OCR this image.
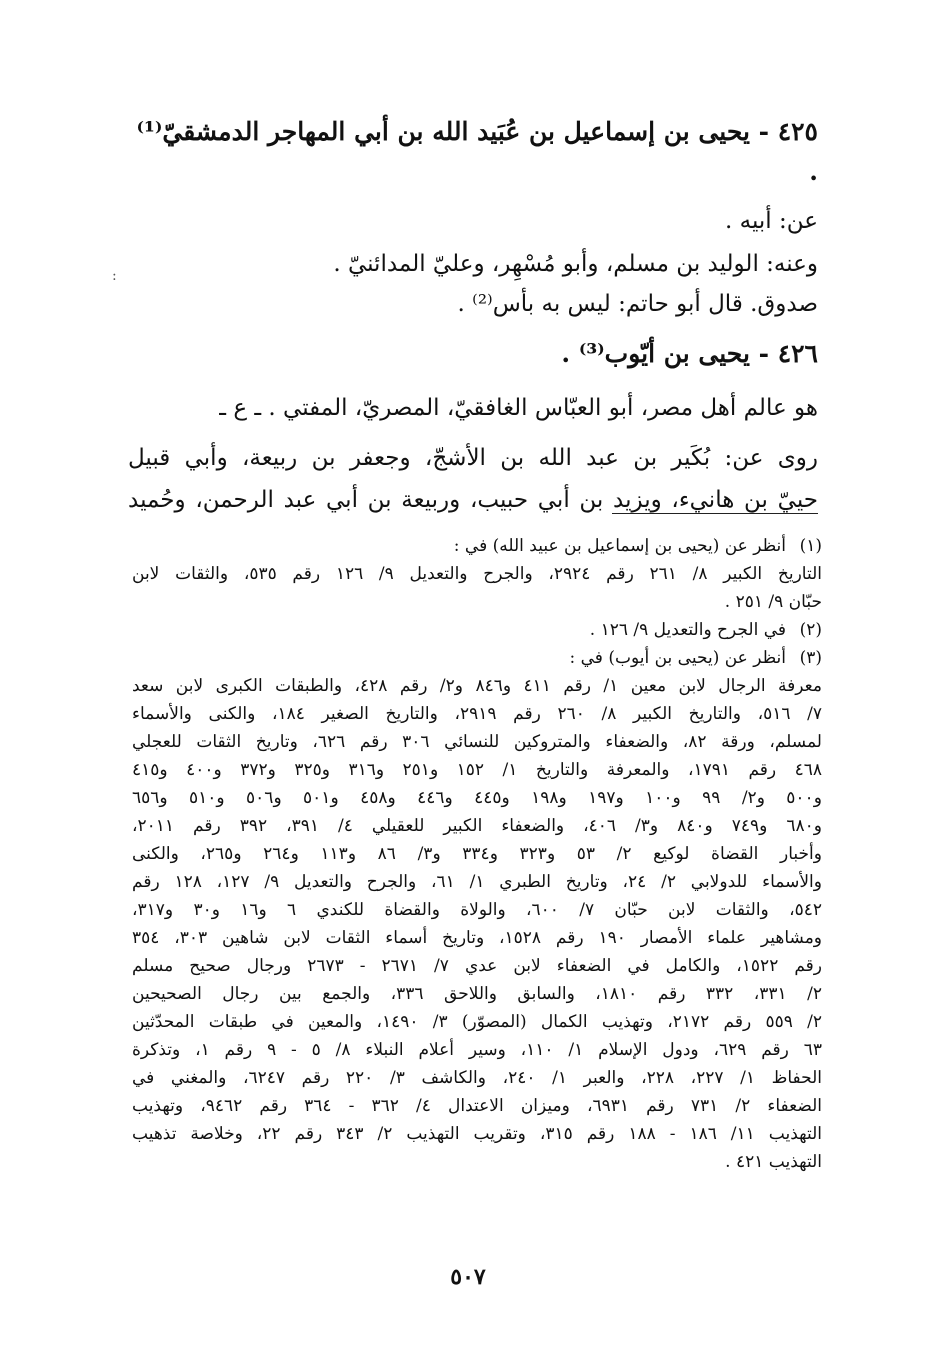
:

٤٢٥ - يحيى بن إسماعيل بن عُبَيد الله بن أبي المهاجر الدمشقيّ⁽¹⁾ .

عن: أبيه .

وعنه: الوليد بن مسلم، وأبو مُسْهِر، وعليّ المدائنيّ .

صدوق. قال أبو حاتم: ليس به بأس⁽²⁾ .

٤٢٦ - يحيى بن أيّوب⁽³⁾ .

هو عالم أهل مصر، أبو العبّاس الغافقيّ، المصريّ، المفتي . ـ ع ـ

روى عن: بُكَير بن عبد الله بن الأشجّ، وجعفر بن ربيعة، وأبي قبيل

حييّ بن هانيء، ويزيد بن أبي حبيب، وربيعة بن أبي عبد الرحمن، وحُميد

(١)أنظر عن (يحيى بن إسماعيل بن عبيد الله) في :
التاريخ الكبير ٨/ ٢٦١ رقم ٢٩٢٤، والجرح والتعديل ٩/ ١٢٦ رقم ٥٣٥، والثقات لابن
حبّان ٩/ ٢٥١ .
(٢)في الجرح والتعديل ٩/ ١٢٦ .
(٣)أنظر عن (يحيى بن أيوب) في :
معرفة الرجال لابن معين ١/ رقم ٤١١ و٨٤٦ و٢/ رقم ٤٢٨، والطبقات الكبرى لابن سعد
٧/ ٥١٦، والتاريخ الكبير ٨/ ٢٦٠ رقم ٢٩١٩، والتاريخ الصغير ١٨٤، والكنى والأسماء
لمسلم، ورقة ٨٢، والضعفاء والمتروكين للنسائي ٣٠٦ رقم ٦٢٦، وتاريخ الثقات للعجلي
٤٦٨ رقم ١٧٩١، والمعرفة والتاريخ ١/ ١٥٢ و٢٥١ و٣١٦ و٣٢٥ و٣٧٢ و٤٠٠ و٤١٥
و٥٠٠ و٢/ ٩٩ و١٠٠ و١٩٧ و١٩٨ و٤٤٥ و٤٤٦ و٤٥٨ و٥٠١ و٥٠٦ و٥١٠ و٦٥٦
و٦٨٠ و٧٤٩ و٨٤٠ و٣/ ٤٠٦، والضعفاء الكبير للعقيلي ٤/ ٣٩١، ٣٩٢ رقم ٢٠١١،
وأخبار القضاة لوكيع ٢/ ٥٣ و٣٢٣ و٣٣٤ و٣/ ٨٦ و١١٣ و٢٦٤ و٢٦٥، والكنى
والأسماء للدولابي ٢/ ٢٤، وتاريخ الطبري ١/ ٦١، والجرح والتعديل ٩/ ١٢٧، ١٢٨ رقم
٥٤٢، والثقات لابن حبّان ٧/ ٦٠٠، والولاة والقضاة للكندي ٦ و١٦ و٣٠ و٣١٧،
ومشاهير علماء الأمصار ١٩٠ رقم ١٥٢٨، وتاريخ أسماء الثقات لابن شاهين ٣٠٣، ٣٥٤
رقم ١٥٢٢، والكامل في الضعفاء لابن عدي ٧/ ٢٦٧١ - ٢٦٧٣ ورجال صحيح مسلم
٢/ ٣٣١، ٣٣٢ رقم ١٨١٠، والسابق واللاحق ٣٣٦، والجمع بين رجال الصحيحين
٢/ ٥٥٩ رقم ٢١٧٢، وتهذيب الكمال (المصوّر) ٣/ ١٤٩٠، والمعين في طبقات المحدّثين
٦٣ رقم ٦٢٩، ودول الإسلام ١/ ١١٠، وسير أعلام النبلاء ٨/ ٥ - ٩ رقم ١، وتذكرة
الحفاظ ١/ ٢٢٧، ٢٢٨، والعبر ١/ ٢٤٠، والكاشف ٣/ ٢٢٠ رقم ٦٢٤٧، والمغني في
الضعفاء ٢/ ٧٣١ رقم ٦٩٣١، وميزان الاعتدال ٤/ ٣٦٢ - ٣٦٤ رقم ٩٤٦٢، وتهذيب
التهذيب ١١/ ١٨٦ - ١٨٨ رقم ٣١٥، وتقريب التهذيب ٢/ ٣٤٣ رقم ٢٢، وخلاصة تذهيب
التهذيب ٤٢١ .
٥٠٧
